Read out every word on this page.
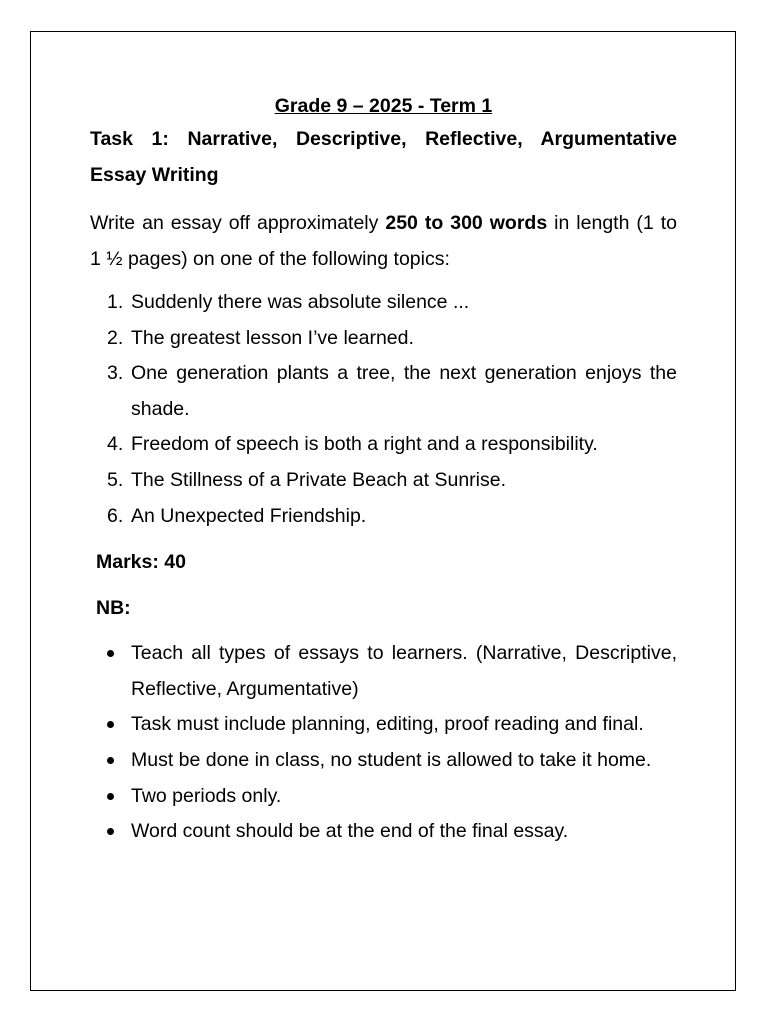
Grade 9 – 2025 - Term 1
Task 1: Narrative, Descriptive, Reflective, Argumentative
Essay Writing
Write an essay off approximately 250 to 300 words in length (1 to
1 ½ pages) on one of the following topics:
1. Suddenly there was absolute silence ...
2. The greatest lesson I’ve learned.
3. One generation plants a tree, the next generation enjoys the shade.
4. Freedom of speech is both a right and a responsibility.
5. The Stillness of a Private Beach at Sunrise.
6. An Unexpected Friendship.
Marks: 40
NB:
Teach all types of essays to learners. (Narrative, Descriptive, Reflective, Argumentative)
Task must include planning, editing, proof reading and final.
Must be done in class, no student is allowed to take it home.
Two periods only.
Word count should be at the end of the final essay.
